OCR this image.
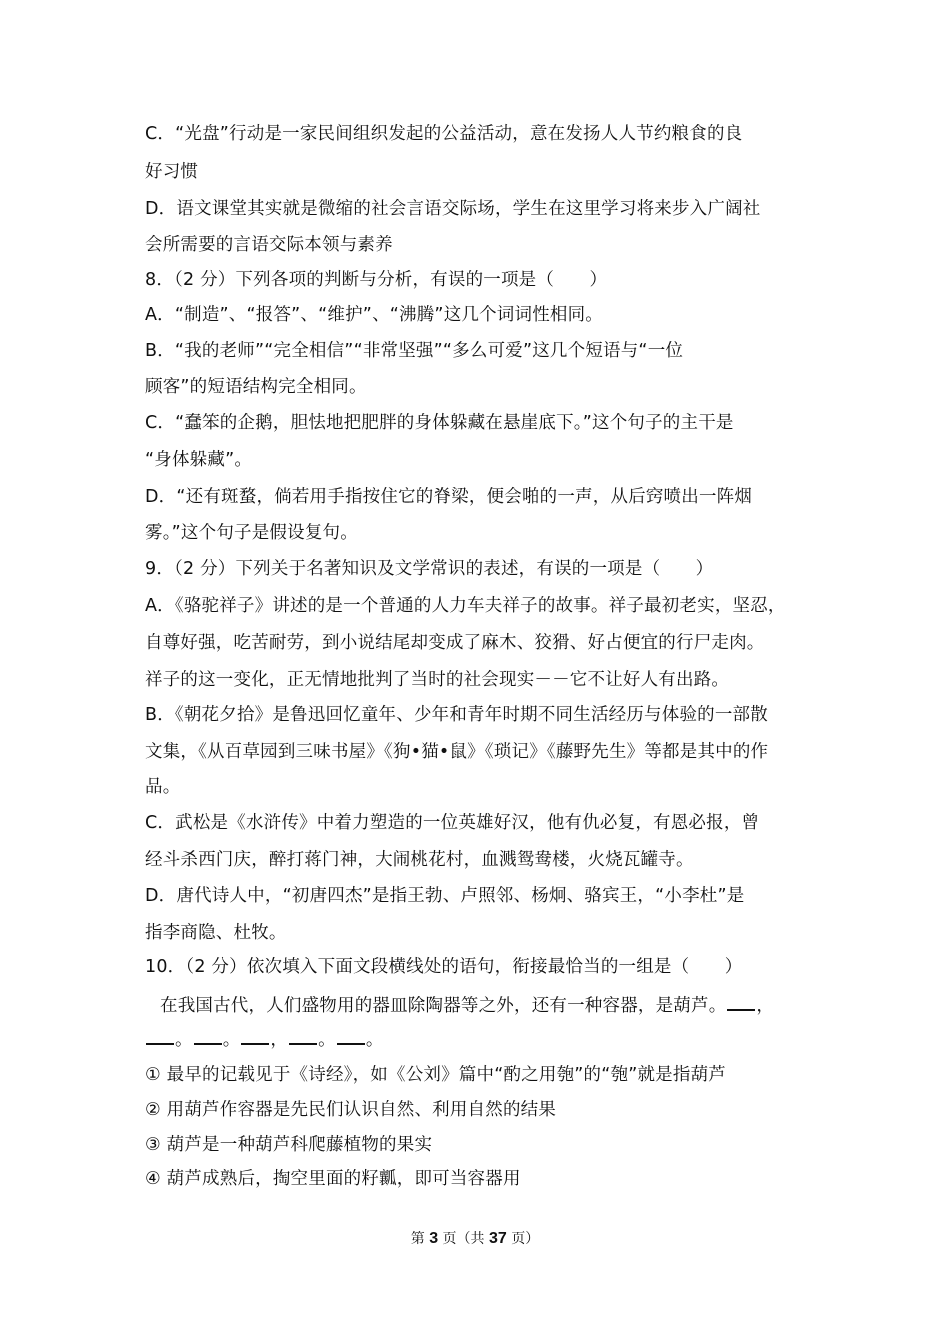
C．“光盘”行动是一家民间组织发起的公益活动，意在发扬人人节约粮食的良
好习惯
D．语文课堂其实就是微缩的社会言语交际场，学生在这里学习将来步入广阔社
会所需要的言语交际本领与素养
8．（2 分）下列各项的判断与分析，有误的一项是（　　）
A．“制造”、“报答”、“维护”、“沸腾”这几个词词性相同。
B．“我的老师”“完全相信”“非常坚强”“多么可爱”这几个短语与“一位
顾客”的短语结构完全相同。
C．“蠢笨的企鹅，胆怯地把肥胖的身体躲藏在悬崖底下。”这个句子的主干是
“身体躲藏”。
D．“还有斑蝥，倘若用手指按住它的脊梁，便会啪的一声，从后窍喷出一阵烟
雾。”这个句子是假设复句。
9．（2 分）下列关于名著知识及文学常识的表述，有误的一项是（　　）
A．《骆驼祥子》讲述的是一个普通的人力车夫祥子的故事。祥子最初老实，坚忍，
自尊好强，吃苦耐劳，到小说结尾却变成了麻木、狡猾、好占便宜的行尸走肉。
祥子的这一变化，正无情地批判了当时的社会现实－－它不让好人有出路。
B．《朝花夕拾》是鲁迅回忆童年、少年和青年时期不同生活经历与体验的一部散
文集，《从百草园到三味书屋》《狗•猫•鼠》《琐记》《藤野先生》等都是其中的作
品。
C．武松是《水浒传》中着力塑造的一位英雄好汉，他有仇必复，有恩必报，曾
经斗杀西门庆，醉打蒋门神，大闹桃花村，血溅鸳鸯楼，火烧瓦罐寺。
D．唐代诗人中，“初唐四杰”是指王勃、卢照邻、杨炯、骆宾王，“小李杜”是
指李商隐、杜牧。
10．（2 分）依次填入下面文段横线处的语句，衔接最恰当的一组是（　　）
在我国古代，人们盛物用的器皿除陶器等之外，还有一种容器，是葫芦。 ，
。 。 ， 。 。
① 最早的记载见于《诗经》，如《公刘》篇中“酌之用匏”的“匏”就是指葫芦
② 用葫芦作容器是先民们认识自然、利用自然的结果
③ 葫芦是一种葫芦科爬藤植物的果实
④ 葫芦成熟后，掏空里面的籽瓤，即可当容器用
第 3 页（共 37 页）
